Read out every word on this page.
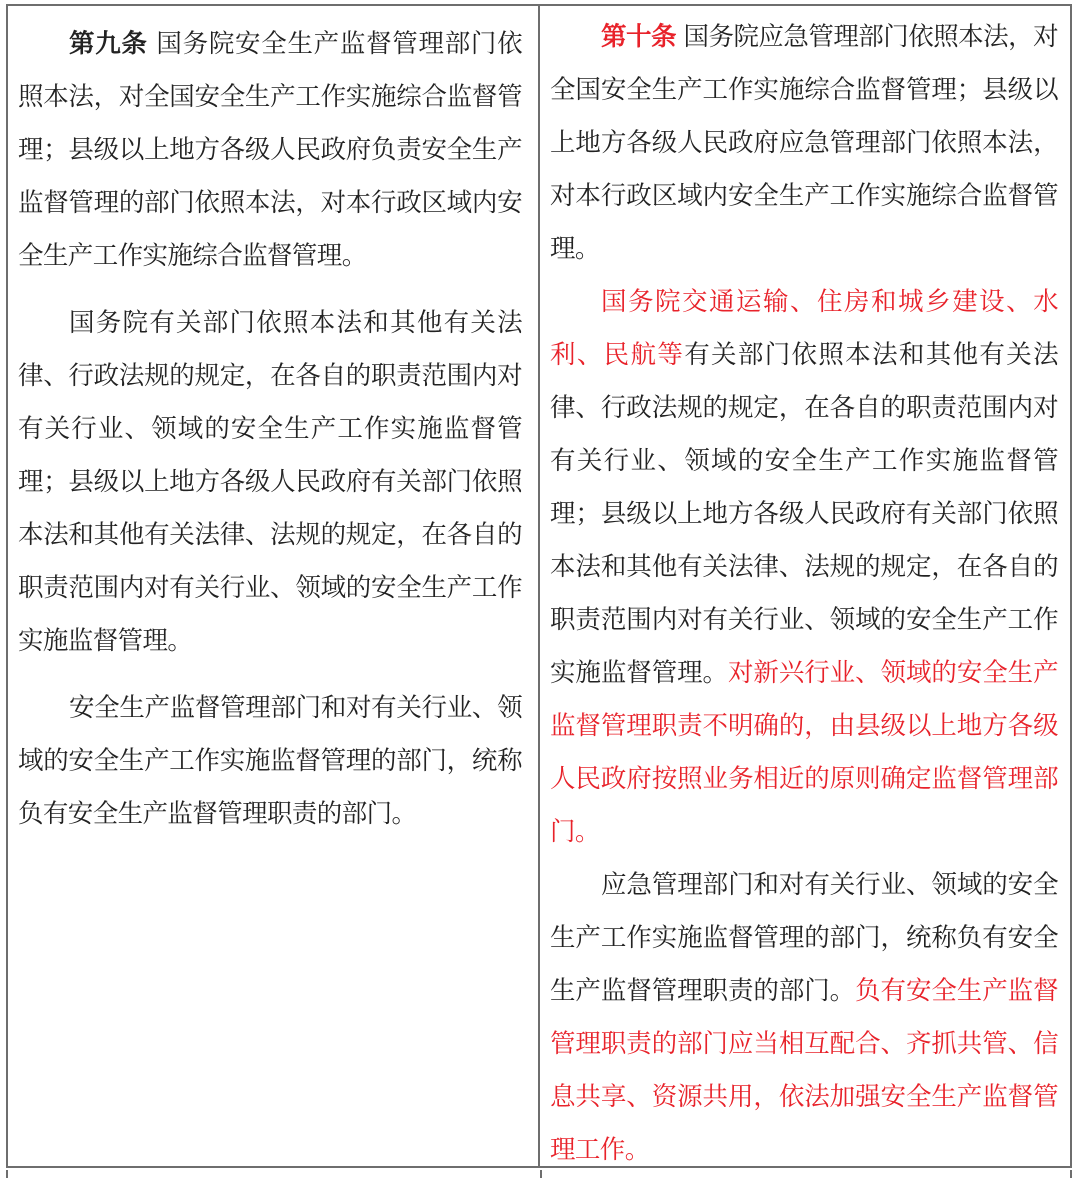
第九条 国务院安全生产监督管理部门依照本法，对全国安全生产工作实施综合监督管理；县级以上地方各级人民政府负责安全生产监督管理的部门依照本法，对本行政区域内安全生产工作实施综合监督管理。

国务院有关部门依照本法和其他有关法律、行政法规的规定，在各自的职责范围内对有关行业、领域的安全生产工作实施监督管理；县级以上地方各级人民政府有关部门依照本法和其他有关法律、法规的规定，在各自的职责范围内对有关行业、领域的安全生产工作实施监督管理。

安全生产监督管理部门和对有关行业、领域的安全生产工作实施监督管理的部门，统称负有安全生产监督管理职责的部门。

第十条 国务院应急管理部门依照本法，对全国安全生产工作实施综合监督管理；县级以上地方各级人民政府应急管理部门依照本法，对本行政区域内安全生产工作实施综合监督管理。

国务院交通运输、住房和城乡建设、水利、民航等有关部门依照本法和其他有关法律、行政法规的规定，在各自的职责范围内对有关行业、领域的安全生产工作实施监督管理；县级以上地方各级人民政府有关部门依照本法和其他有关法律、法规的规定，在各自的职责范围内对有关行业、领域的安全生产工作实施监督管理。对新兴行业、领域的安全生产监督管理职责不明确的，由县级以上地方各级人民政府按照业务相近的原则确定监督管理部门。

应急管理部门和对有关行业、领域的安全生产工作实施监督管理的部门，统称负有安全生产监督管理职责的部门。负有安全生产监督管理职责的部门应当相互配合、齐抓共管、信息共享、资源共用，依法加强安全生产监督管理工作。
